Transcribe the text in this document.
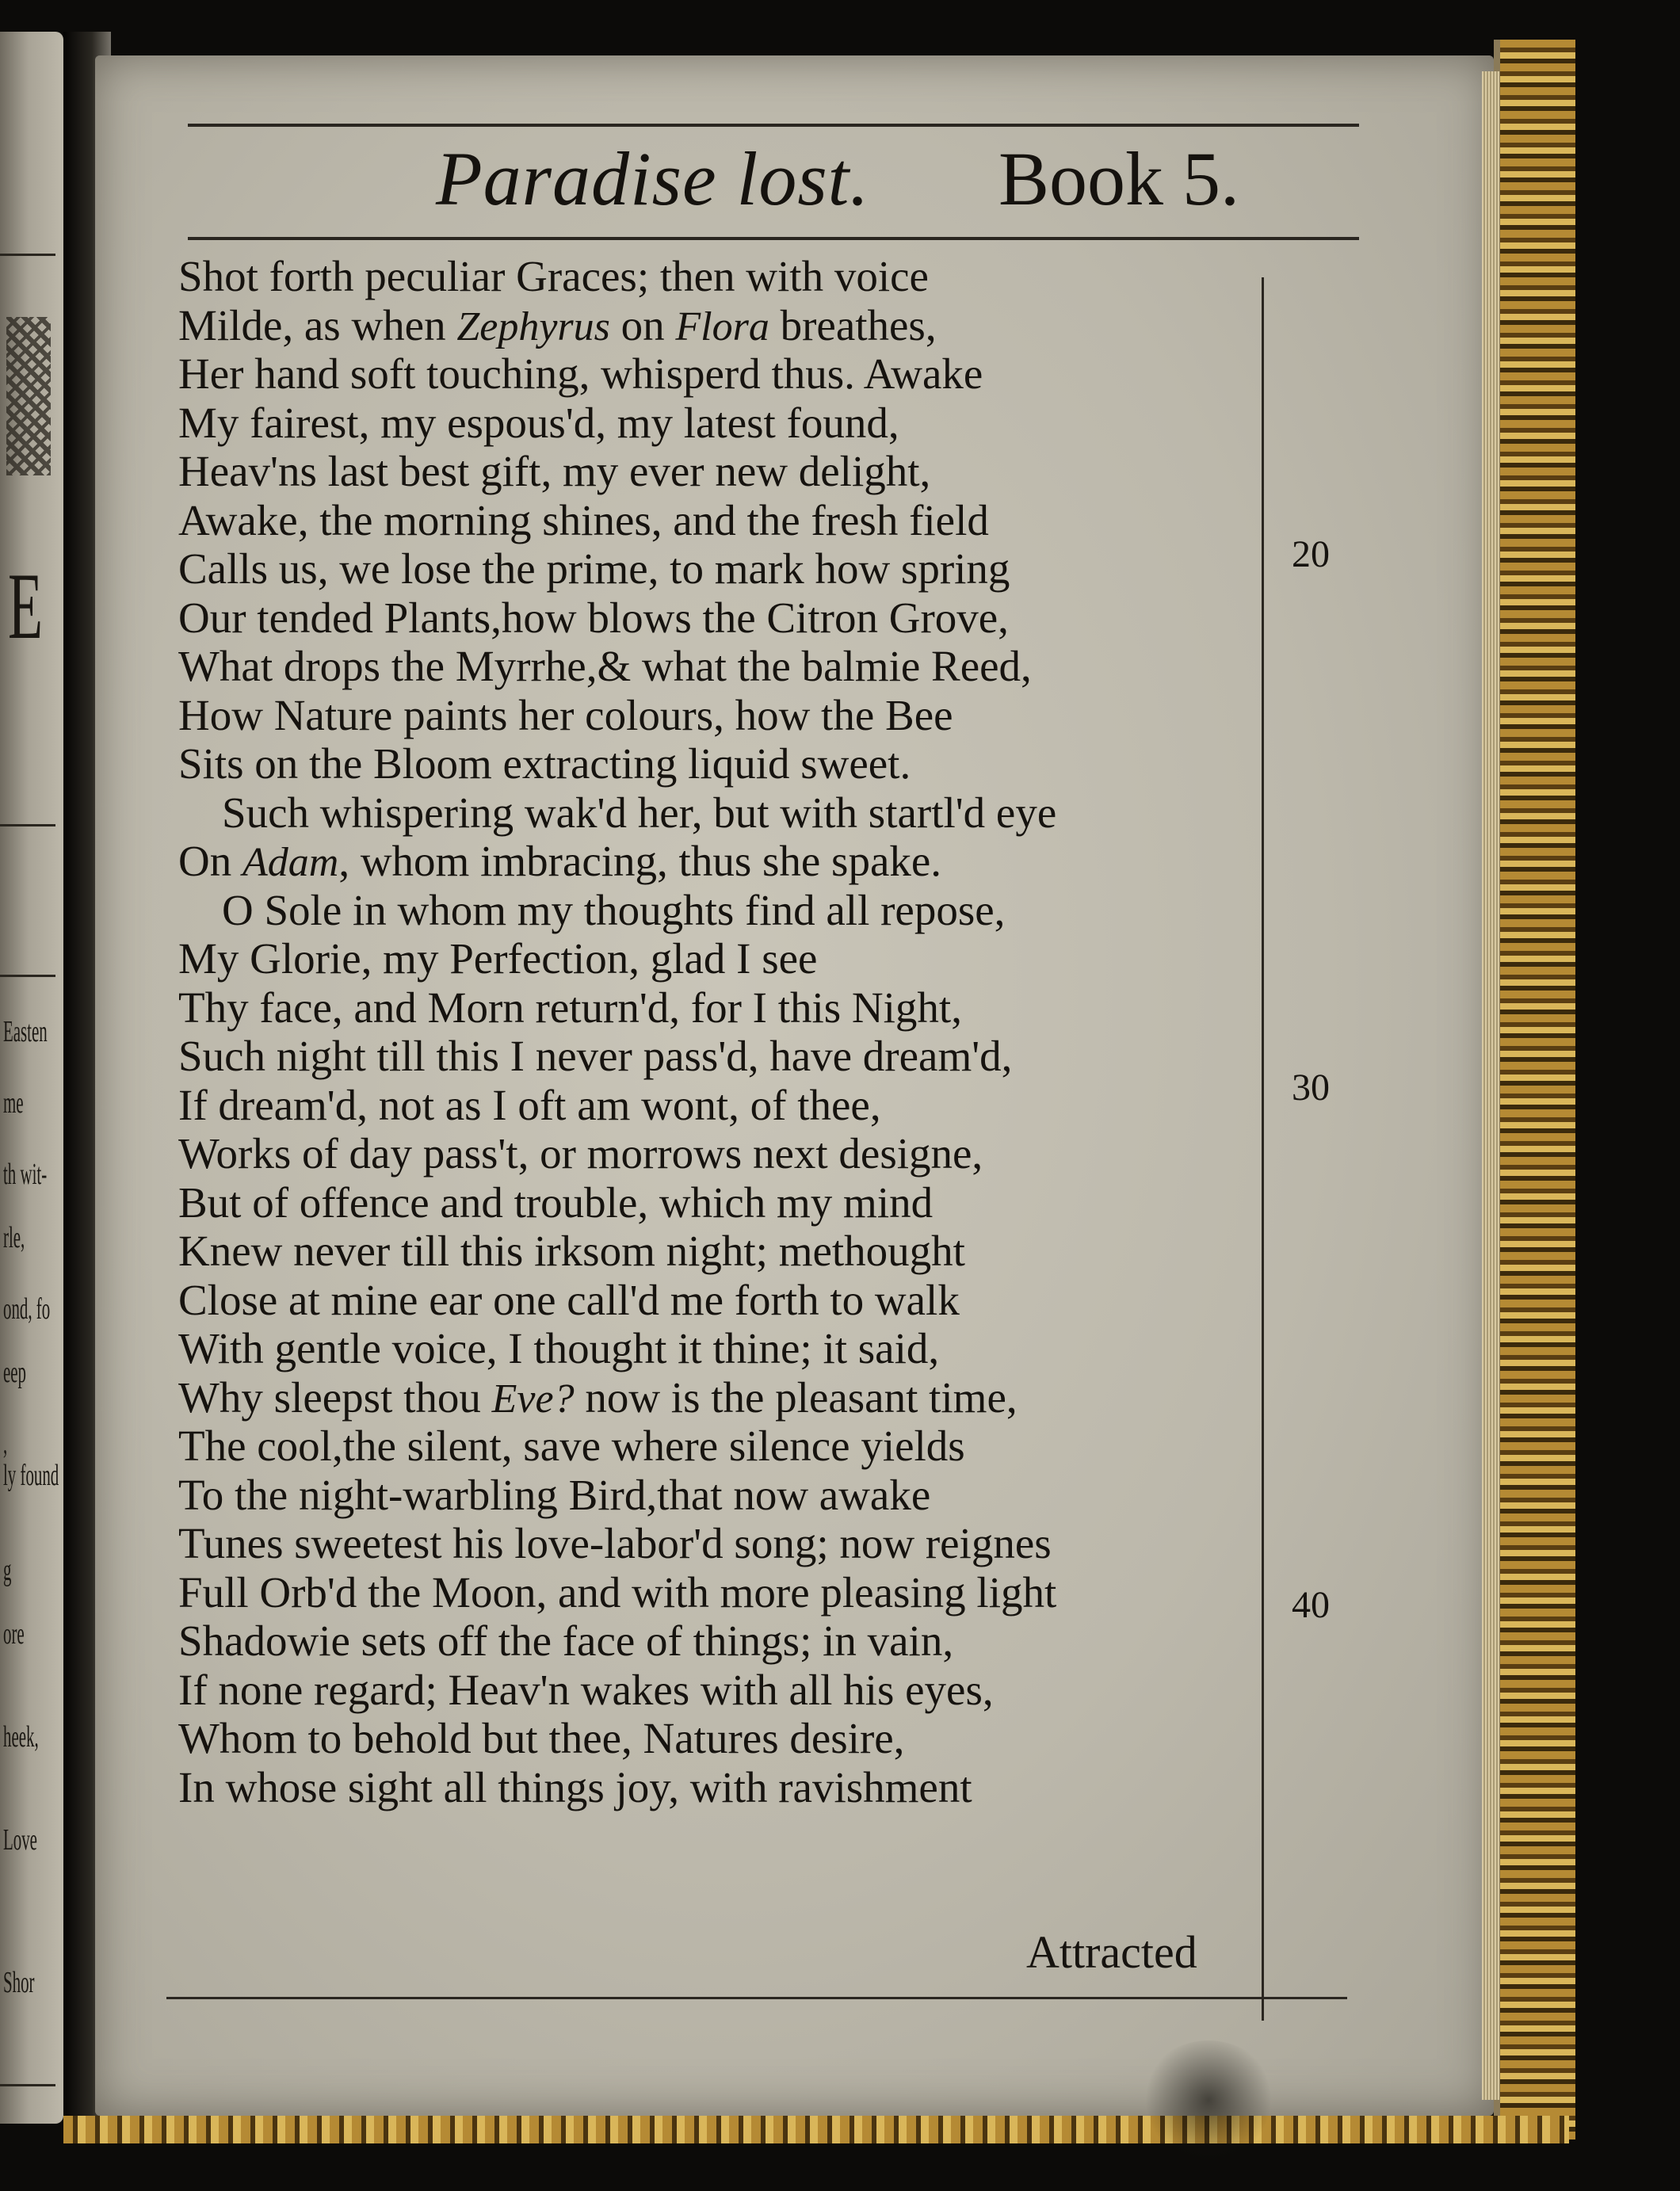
E
Easten
me
th wit-
rle,
ond, fo
eep
,
ly found
g
ore
heek,
Love
Shor
Paradise lost. Book 5.
Shot forth peculiar Graces; then with voice
Milde, as when Zephyrus on Flora breathes,
Her hand soft touching, whisperd thus. Awake
My fairest, my espous'd, my latest found,
Heav'ns last best gift, my ever new delight,
Awake, the morning shines, and the fresh field
Calls us, we lose the prime, to mark how spring
Our tended Plants,how blows the Citron Grove,
What drops the Myrrhe,& what the balmie Reed,
How Nature paints her colours, how the Bee
Sits on the Bloom extracting liquid sweet.
Such whispering wak'd her, but with startl'd eye
On Adam, whom imbracing, thus she spake.
O Sole in whom my thoughts find all repose,
My Glorie, my Perfection, glad I see
Thy face, and Morn return'd, for I this Night,
Such night till this I never pass'd, have dream'd,
If dream'd, not as I oft am wont, of thee,
Works of day pass't, or morrows next designe,
But of offence and trouble, which my mind
Knew never till this irksom night; methought
Close at mine ear one call'd me forth to walk
With gentle voice, I thought it thine; it said,
Why sleepst thou Eve? now is the pleasant time,
The cool,the silent, save where silence yields
To the night-warbling Bird,that now awake
Tunes sweetest his love-labor'd song; now reignes
Full Orb'd the Moon, and with more pleasing light
Shadowie sets off the face of things; in vain,
If none regard; Heav'n wakes with all his eyes,
Whom to behold but thee, Natures desire,
In whose sight all things joy, with ravishment
20
30
40
Attracted
